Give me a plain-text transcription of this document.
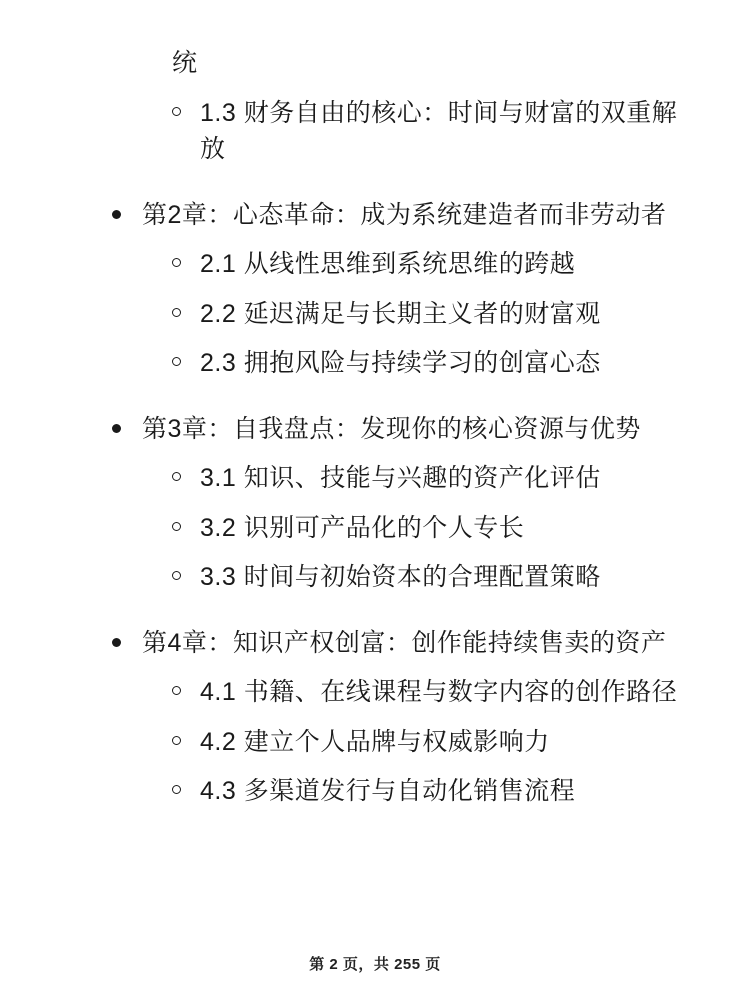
统
1.3 财务自由的核心：时间与财富的双重解放
第2章：心态革命：成为系统建造者而非劳动者
2.1 从线性思维到系统思维的跨越
2.2 延迟满足与长期主义者的财富观
2.3 拥抱风险与持续学习的创富心态
第3章：自我盘点：发现你的核心资源与优势
3.1 知识、技能与兴趣的资产化评估
3.2 识别可产品化的个人专长
3.3 时间与初始资本的合理配置策略
第4章：知识产权创富：创作能持续售卖的资产
4.1 书籍、在线课程与数字内容的创作路径
4.2 建立个人品牌与权威影响力
4.3 多渠道发行与自动化销售流程
第 2 页，共 255 页
